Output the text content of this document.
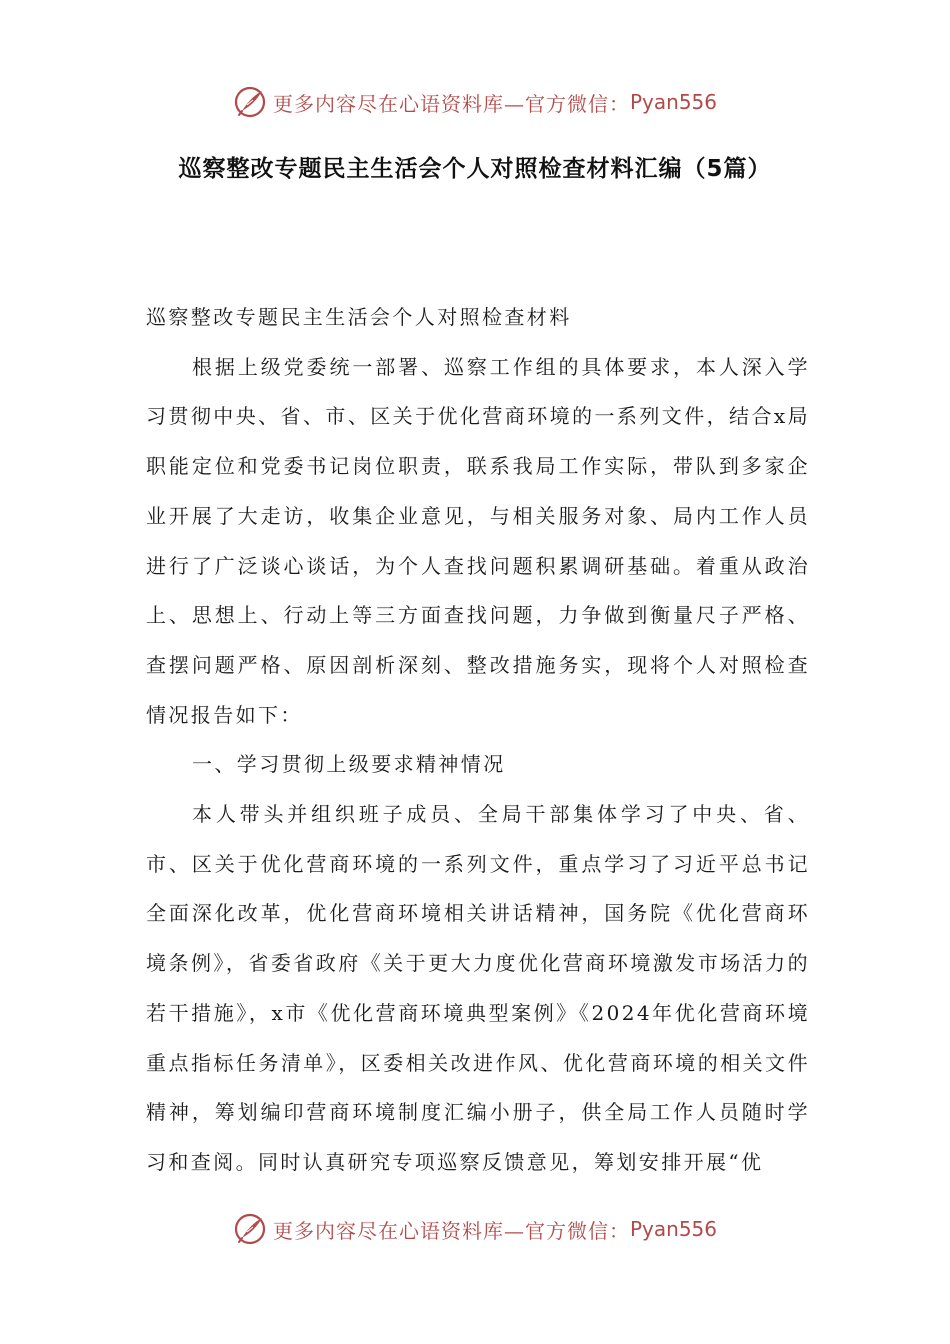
更多内容尽在心语资料库—官方微信： Pyan556
巡察整改专题民主生活会个人对照检查材料汇编（5篇）

巡察整改专题民主生活会个人对照检查材料

根据上级党委统一部署、巡察工作组的具体要求，本人深入学习贯彻中央、省、市、区关于优化营商环境的一系列文件，结合x局职能定位和党委书记岗位职责，联系我局工作实际，带队到多家企业开展了大走访，收集企业意见，与相关服务对象、局内工作人员进行了广泛谈心谈话，为个人查找问题积累调研基础。着重从政治上、思想上、行动上等三方面查找问题，力争做到衡量尺子严格、查摆问题严格、原因剖析深刻、整改措施务实，现将个人对照检查情况报告如下：

一、学习贯彻上级要求精神情况

本人带头并组织班子成员、全局干部集体学习了中央、省、市、区关于优化营商环境的一系列文件，重点学习了习近平总书记全面深化改革，优化营商环境相关讲话精神，国务院《优化营商环境条例》，省委省政府《关于更大力度优化营商环境激发市场活力的若干措施》，x市《优化营商环境典型案例》《2024年优化营商环境重点指标任务清单》，区委相关改进作风、优化营商环境的相关文件精神，筹划编印营商环境制度汇编小册子，供全局工作人员随时学习和查阅。同时认真研究专项巡察反馈意见，筹划安排开展“优

更多内容尽在心语资料库—官方微信： Pyan556
